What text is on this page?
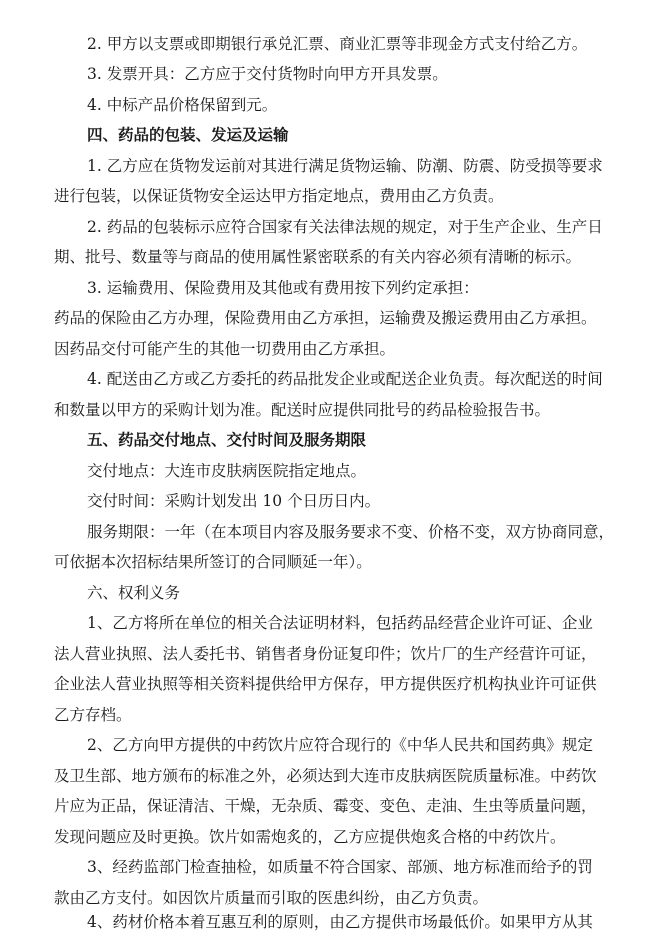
2. 甲方以支票或即期银行承兑汇票、商业汇票等非现金方式支付给乙方。
3. 发票开具：乙方应于交付货物时向甲方开具发票。
4. 中标产品价格保留到元。
四、药品的包装、发运及运输
1. 乙方应在货物发运前对其进行满足货物运输、防潮、防震、防受损等要求
进行包装，以保证货物安全运达甲方指定地点，费用由乙方负责。
2. 药品的包装标示应符合国家有关法律法规的规定，对于生产企业、生产日
期、批号、数量等与商品的使用属性紧密联系的有关内容必须有清晰的标示。
3. 运输费用、保险费用及其他或有费用按下列约定承担：
药品的保险由乙方办理，保险费用由乙方承担，运输费及搬运费用由乙方承担。
因药品交付可能产生的其他一切费用由乙方承担。
4. 配送由乙方或乙方委托的药品批发企业或配送企业负责。每次配送的时间
和数量以甲方的采购计划为准。配送时应提供同批号的药品检验报告书。
五、药品交付地点、交付时间及服务期限
交付地点：大连市皮肤病医院指定地点。
交付时间：采购计划发出 10 个日历日内。
服务期限：一年（在本项目内容及服务要求不变、价格不变，双方协商同意，
可依据本次招标结果所签订的合同顺延一年）。
六、权利义务
1、乙方将所在单位的相关合法证明材料，包括药品经营企业许可证、企业
法人营业执照、法人委托书、销售者身份证复印件；饮片厂的生产经营许可证，
企业法人营业执照等相关资料提供给甲方保存，甲方提供医疗机构执业许可证供
乙方存档。
2、乙方向甲方提供的中药饮片应符合现行的《中华人民共和国药典》规定
及卫生部、地方颁布的标准之外，必须达到大连市皮肤病医院质量标准。中药饮
片应为正品，保证清洁、干燥，无杂质、霉变、变色、走油、生虫等质量问题，
发现问题应及时更换。饮片如需炮炙的，乙方应提供炮炙合格的中药饮片。
3、经药监部门检查抽检，如质量不符合国家、部颁、地方标准而给予的罚
款由乙方支付。如因饮片质量而引取的医患纠纷，由乙方负责。
4、药材价格本着互惠互利的原则，由乙方提供市场最低价。如果甲方从其
